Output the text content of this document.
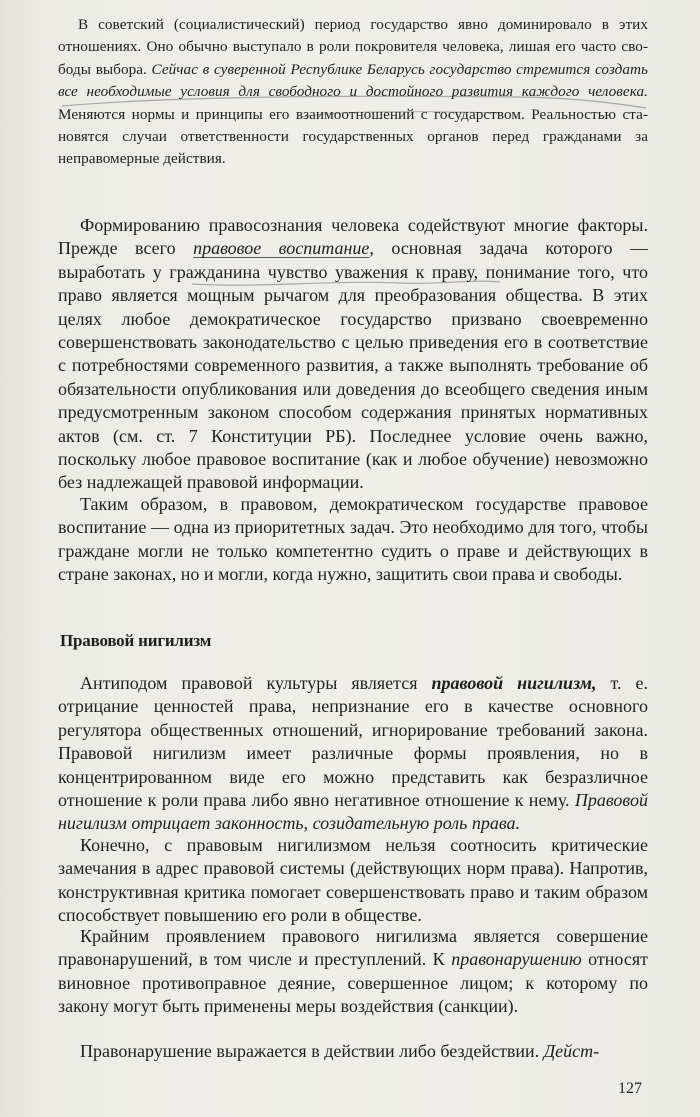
В советский (социалистический) период государство явно доминировало в этих отношениях. Оно обычно выступало в роли покровителя человека, лишая его часто свободы выбора. Сейчас в суверенной Республике Беларусь государство стремится создать все необходимые условия для свободного и достойного развития каждого человека. Меняются нормы и принципы его взаимоотношений с государством. Реальностью становятся случаи ответственности государственных органов перед гражданами за неправомерные действия.
Формированию правосознания человека содействуют многие факторы. Прежде всего правовое воспитание, основная задача которого — выработать у гражданина чувство уважения к праву, понимание того, что право является мощным рычагом для преобразования общества. В этих целях любое демократическое государство призвано своевременно совершенствовать законодательство с целью приведения его в соответствие с потребностями современного развития, а также выполнять требование об обязательности опубликования или доведения до всеобщего сведения иным предусмотренным законом способом содержания принятых нормативных актов (см. ст. 7 Конституции РБ). Последнее условие очень важно, поскольку любое правовое воспитание (как и любое обучение) невозможно без надлежащей правовой информации.
Таким образом, в правовом, демократическом государстве правовое воспитание — одна из приоритетных задач. Это необходимо для того, чтобы граждане могли не только компетентно судить о праве и действующих в стране законах, но и могли, когда нужно, защитить свои права и свободы.
Правовой нигилизм
Антиподом правовой культуры является правовой нигилизм, т. е. отрицание ценностей права, непризнание его в качестве основного регулятора общественных отношений, игнорирование требований закона. Правовой нигилизм имеет различные формы проявления, но в концентрированном виде его можно представить как безразличное отношение к роли права либо явно негативное отношение к нему. Правовой нигилизм отрицает законность, созидательную роль права.
Конечно, с правовым нигилизмом нельзя соотносить критические замечания в адрес правовой системы (действующих норм права). Напротив, конструктивная критика помогает совершенствовать право и таким образом способствует повышению его роли в обществе.
Крайним проявлением правового нигилизма является совершение правонарушений, в том числе и преступлений. К правонарушению относят виновное противоправное деяние, совершенное лицом; к которому по закону могут быть применены меры воздействия (санкции).
Правонарушение выражается в действии либо бездействии. Дейст-
127
